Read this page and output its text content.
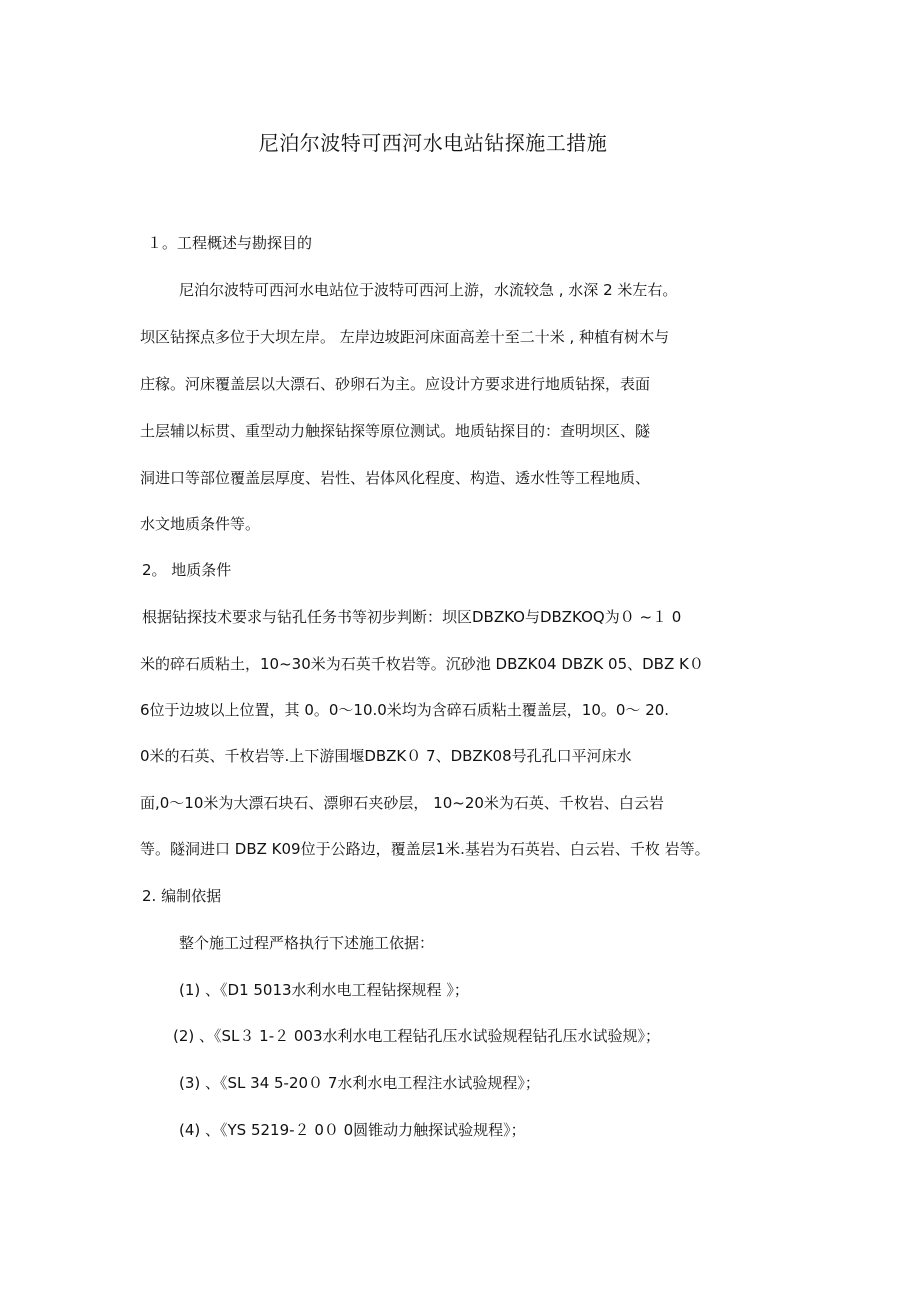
尼泊尔波特可西河水电站钻探施工措施
１。工程概述与勘探目的
尼泊尔波特可西河水电站位于波特可西河上游，水流较急 , 水深 2 米左右。
坝区钻探点多位于大坝左岸。 左岸边坡距河床面高差十至二十米 , 种植有树木与
庄稼。河床覆盖层以大漂石、砂卵石为主。应设计方要求进行地质钻探，表面
土层辅以标贯、重型动力触探钻探等原位测试。地质钻探目的：查明坝区、隧
洞进口等部位覆盖层厚度、岩性、岩体风化程度、构造、透水性等工程地质、
水文地质条件等。
2。 地质条件
根据钻探技术要求与钻孔任务书等初步判断：坝区DBZKO与DBZKOQ为０ ~１ 0
米的碎石质粘土，10~30米为石英千枚岩等。沉砂池 DBZK04 DBZK 05、DBZ K０
6位于边坡以上位置，其 0。0～10.0米均为含碎石质粘土覆盖层，10。0～ 20.
0米的石英、千枚岩等.上下游围堰DBZK０ 7、DBZK08号孔孔口平河床水
面,0～10米为大漂石块石、漂卵石夹砂层， 10~20米为石英、千枚岩、白云岩
等。隧洞进口 DBZ K09位于公路边，覆盖层1米.基岩为石英岩、白云岩、千枚 岩等。
2. 编制依据
整个施工过程严格执行下述施工依据：
(1) 、《D1 5013水利水电工程钻探规程 》；
(2) 、《SL３ 1-２ 003水利水电工程钻孔压水试验规程钻孔压水试验规》；
(3) 、《SL 34 5-20０ 7水利水电工程注水试验规程》；
(4) 、《YS 5219-２ 0０ 0圆锥动力触探试验规程》；
